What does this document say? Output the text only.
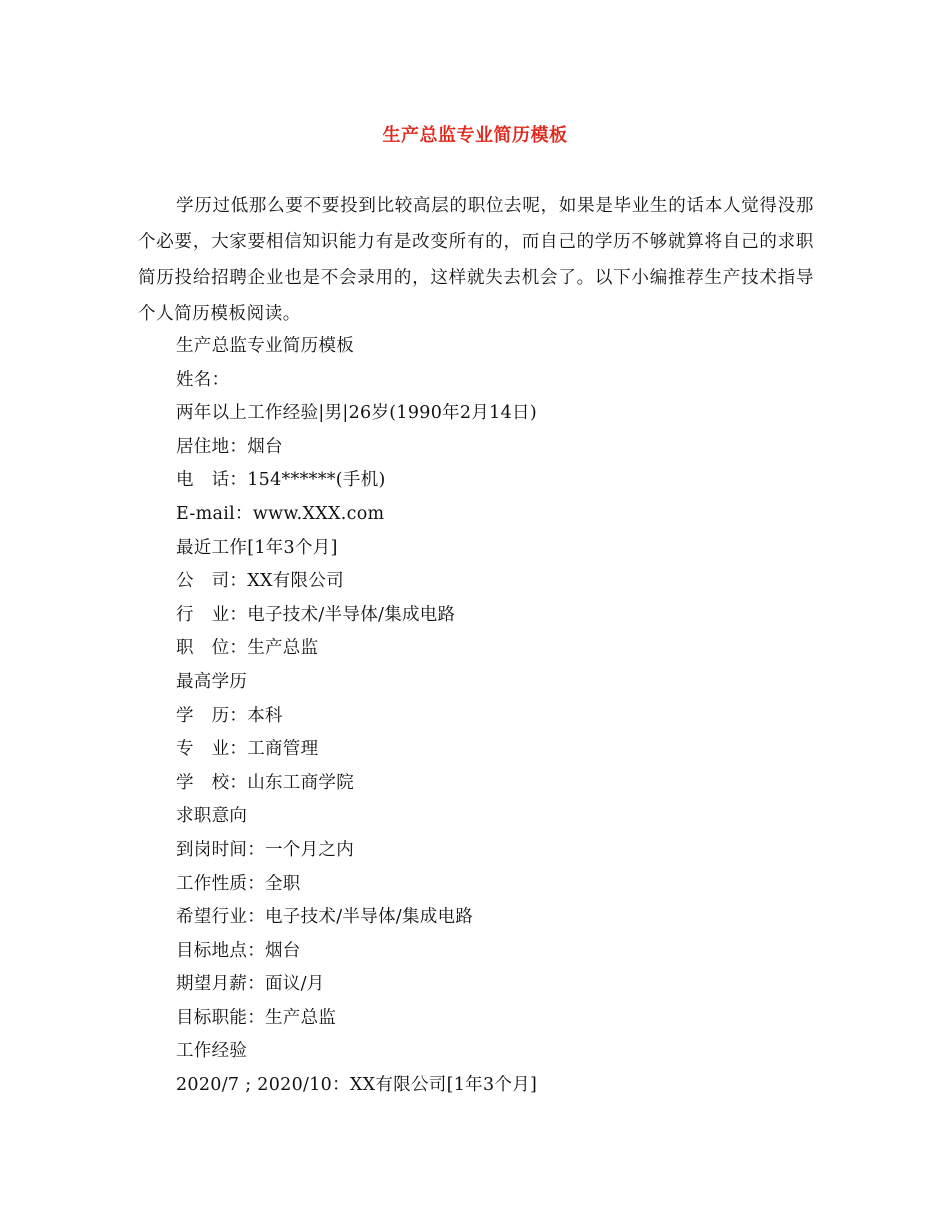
生产总监专业简历模板

学历过低那么要不要投到比较高层的职位去呢，如果是毕业生的话本人觉得没那个必要，大家要相信知识能力有是改变所有的，而自己的学历不够就算将自己的求职简历投给招聘企业也是不会录用的，这样就失去机会了。以下小编推荐生产技术指导个人简历模板阅读。

生产总监专业简历模板
姓名：
两年以上工作经验|男|26岁(1990年2月14日)
居住地：烟台
电　话：154******(手机)
E-mail：www.XXX.com
最近工作[1年3个月]
公　司：XX有限公司
行　业：电子技术/半导体/集成电路
职　位：生产总监
最高学历
学　历：本科
专　业：工商管理
学　校：山东工商学院
求职意向
到岗时间：一个月之内
工作性质：全职
希望行业：电子技术/半导体/集成电路
目标地点：烟台
期望月薪：面议/月
目标职能：生产总监
工作经验
2020/7 ; 2020/10：XX有限公司[1年3个月]
